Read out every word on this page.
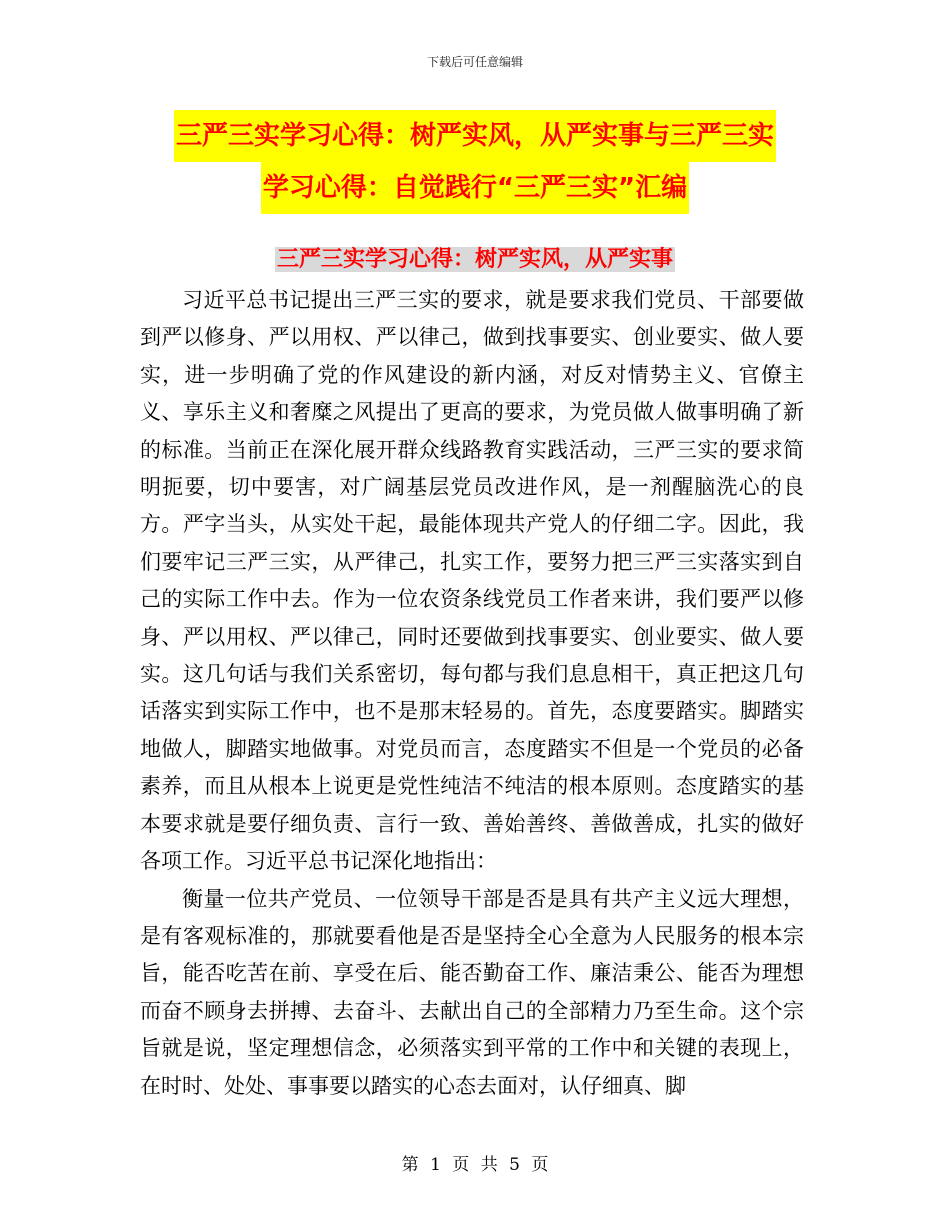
下载后可任意编辑
三严三实学习心得：树严实风，从严实事与三严三实
学习心得：自觉践行“三严三实”汇编
三严三实学习心得：树严实风，从严实事

习近平总书记提出三严三实的要求，就是要求我们党员、干部要做到严以修身、严以用权、严以律己，做到找事要实、创业要实、做人要实，进一步明确了党的作风建设的新内涵，对反对情势主义、官僚主义、享乐主义和奢糜之风提出了更高的要求，为党员做人做事明确了新的标准。当前正在深化展开群众线路教育实践活动，三严三实的要求简明扼要，切中要害，对广阔基层党员改进作风，是一剂醒脑洗心的良方。严字当头，从实处干起，最能体现共产党人的仔细二字。因此，我们要牢记三严三实，从严律己，扎实工作，要努力把三严三实落实到自己的实际工作中去。作为一位农资条线党员工作者来讲，我们要严以修身、严以用权、严以律己，同时还要做到找事要实、创业要实、做人要实。这几句话与我们关系密切，每句都与我们息息相干，真正把这几句话落实到实际工作中，也不是那末轻易的。首先，态度要踏实。脚踏实地做人，脚踏实地做事。对党员而言，态度踏实不但是一个党员的必备素养，而且从根本上说更是党性纯洁不纯洁的根本原则。态度踏实的基本要求就是要仔细负责、言行一致、善始善终、善做善成，扎实的做好各项工作。习近平总书记深化地指出：

衡量一位共产党员、一位领导干部是否是具有共产主义远大理想，是有客观标准的，那就要看他是否是坚持全心全意为人民服务的根本宗旨，能否吃苦在前、享受在后、能否勤奋工作、廉洁秉公、能否为理想而奋不顾身去拼搏、去奋斗、去献出自己的全部精力乃至生命。这个宗旨就是说，坚定理想信念，必须落实到平常的工作中和关键的表现上，在时时、处处、事事要以踏实的心态去面对，认仔细真、脚

第 1 页 共 5 页
